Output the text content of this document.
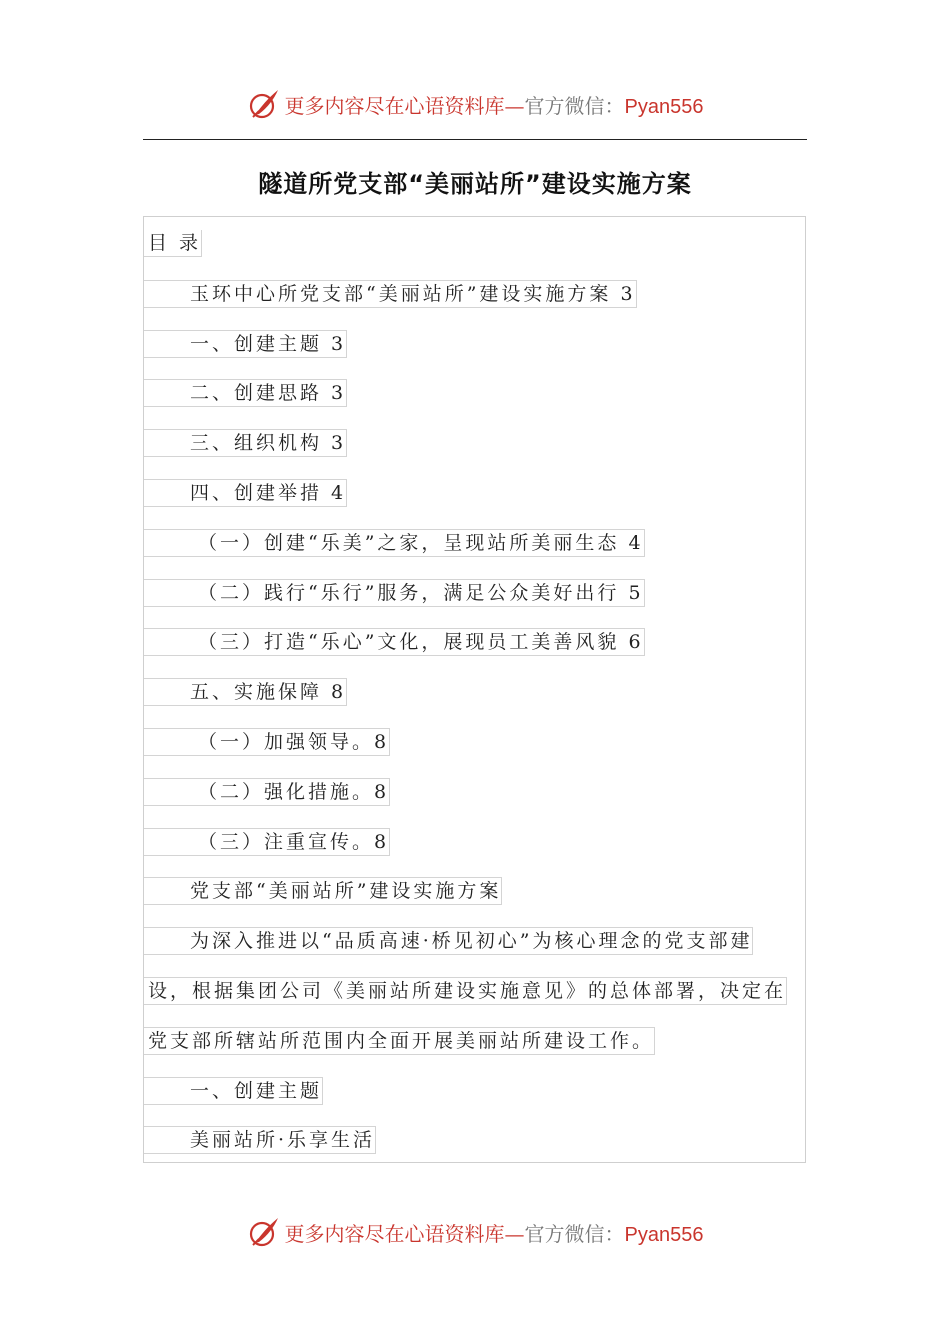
更多内容尽在心语资料库—官方微信：Pyan556
隧道所党支部“美丽站所”建设实施方案
目 录
玉环中心所党支部“美丽站所”建设实施方案 3
一、创建主题 3
二、创建思路 3
三、组织机构 3
四、创建举措 4
（一）创建“乐美”之家，呈现站所美丽生态 4
（二）践行“乐行”服务，满足公众美好出行 5
（三）打造“乐心”文化，展现员工美善风貌 6
五、实施保障 8
（一）加强领导。8
（二）强化措施。8
（三）注重宣传。8
党支部“美丽站所”建设实施方案
为深入推进以“品质高速·桥见初心”为核心理念的党支部建
设，根据集团公司《美丽站所建设实施意见》的总体部署，决定在
党支部所辖站所范围内全面开展美丽站所建设工作。
一、创建主题
美丽站所·乐享生活
更多内容尽在心语资料库—官方微信：Pyan556
